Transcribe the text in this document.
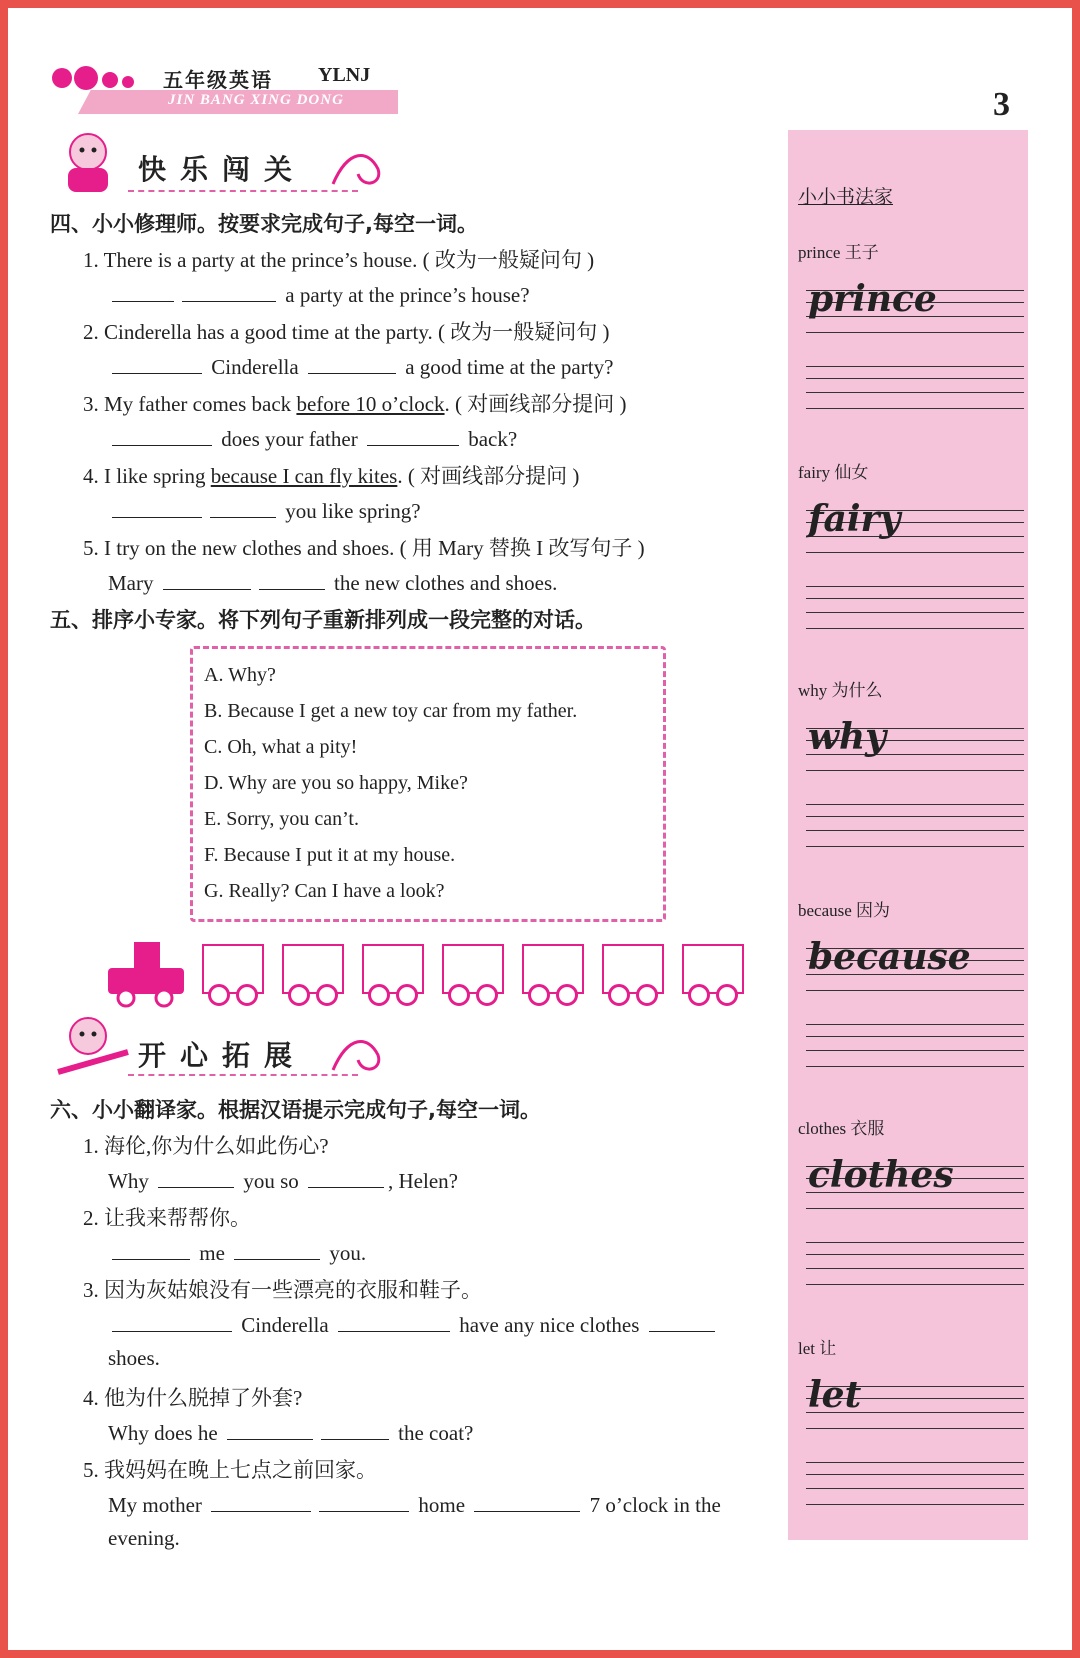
五年级英语 YLNJ
JIN BANG XING DONG	3
快乐闯关
四、小小修理师。按要求完成句子,每空一词。
1. There is a party at the prince’s house. ( 改为一般疑问句 )
a party at the prince’s house?
2. Cinderella has a good time at the party. ( 改为一般疑问句 )
Cinderella	a good time at the party?
3. My father comes back before 10 o’clock. ( 对画线部分提问 )
does your father	back?
4. I like spring because I can fly kites. ( 对画线部分提问 )
you like spring?
5. I try on the new clothes and shoes. ( 用 Mary 替换 I 改写句子 )
Mary	the new clothes and shoes.
五、排序小专家。将下列句子重新排列成一段完整的对话。
A. Why?
B. Because I get a new toy car from my father.
C. Oh, what a pity!
D. Why are you so happy, Mike?
E. Sorry, you can’t.
F. Because I put it at my house.
G. Really? Can I have a look?
开心拓展
六、小小翻译家。根据汉语提示完成句子,每空一词。
1. 海伦,你为什么如此伤心?
Why	you so	, Helen?
2. 让我来帮帮你。
me	you.
3. 因为灰姑娘没有一些漂亮的衣服和鞋子。
Cinderella	have any nice clothes
shoes.
4. 他为什么脱掉了外套?
Why does he	the coat?
5. 我妈妈在晚上七点之前回家。
My mother	home	7 o’clock in the
evening.
小小书法家
prince 王子
prince
fairy 仙女
fairy
why 为什么
why
because 因为
because
clothes 衣服
clothes
let 让
let
